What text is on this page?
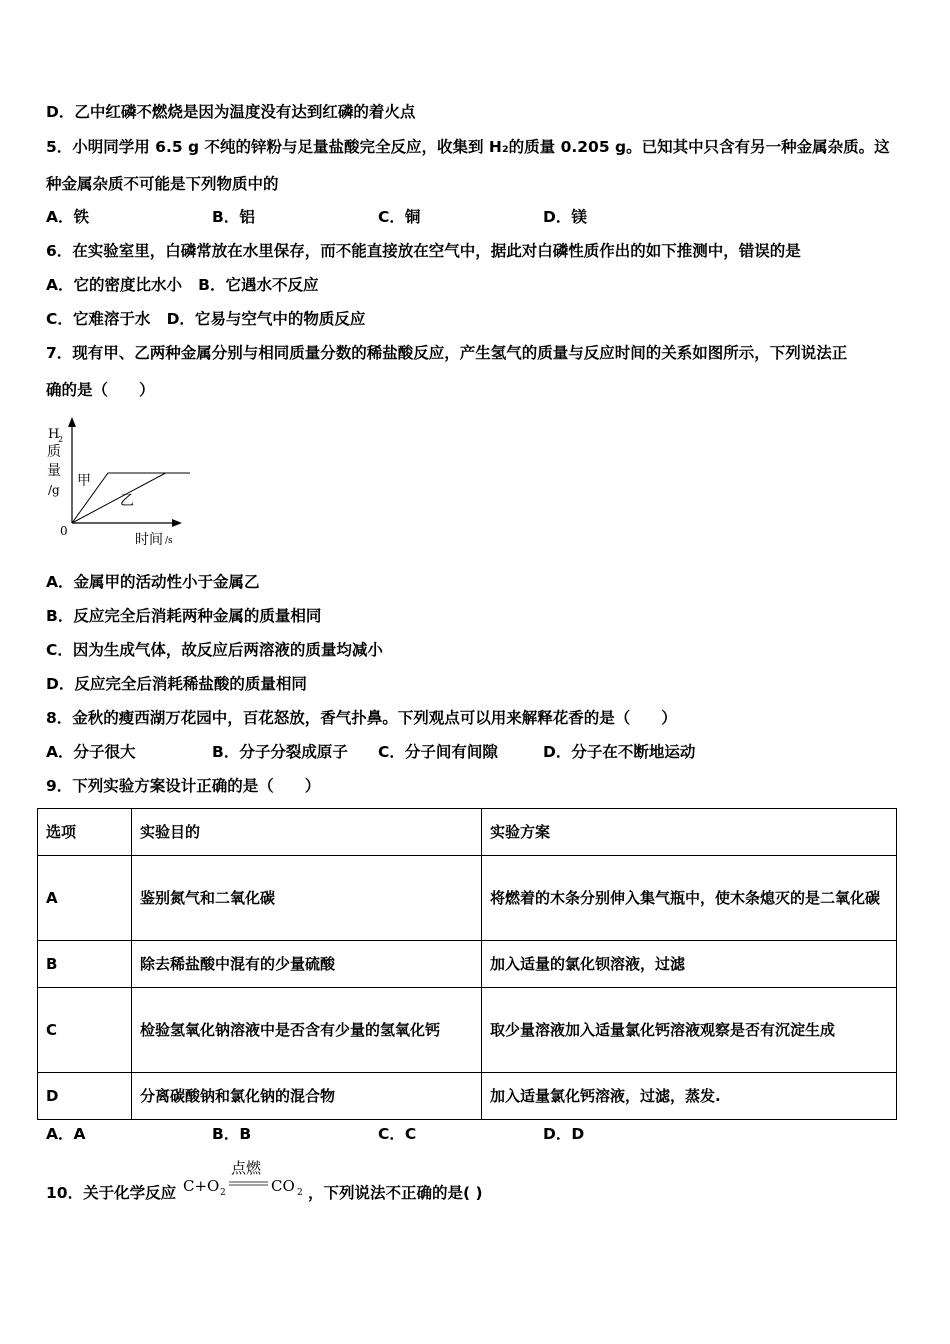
D．乙中红磷不燃烧是因为温度没有达到红磷的着火点
5．小明同学用 6.5 g 不纯的锌粉与足量盐酸完全反应，收集到 H₂的质量 0.205 g。已知其中只含有另一种金属杂质。这
种金属杂质不可能是下列物质中的
A．铁	B．铝	C．铜	D．镁
6．在实验室里，白磷常放在水里保存，而不能直接放在空气中，据此对白磷性质作出的如下推测中，错误的是
A．它的密度比水小   B．它遇水不反应
C．它难溶于水   D．它易与空气中的物质反应
7．现有甲、乙两种金属分别与相同质量分数的稀盐酸反应，产生氢气的质量与反应时间的关系如图所示，下列说法正
确的是（　　）
H
2
质
量
/g
0
时间 /s
甲
乙
A．金属甲的活动性小于金属乙
B．反应完全后消耗两种金属的质量相同
C．因为生成气体，故反应后两溶液的质量均减小
D．反应完全后消耗稀盐酸的质量相同
8．金秋的瘦西湖万花园中，百花怒放，香气扑鼻。下列观点可以用来解释花香的是（　　）
A．分子很大	B．分子分裂成原子 C．分子间有间隙	D．分子在不断地运动
9．下列实验方案设计正确的是（　　）
选项	实验目的	实验方案
A	鉴别氮气和二氧化碳	将燃着的木条分别伸入集气瓶中，使木条熄灭的是二氧化碳
B	除去稀盐酸中混有的少量硫酸	加入适量的氯化钡溶液，过滤
C	检验氢氧化钠溶液中是否含有少量的氢氧化钙	取少量溶液加入适量氯化钙溶液观察是否有沉淀生成
D	分离碳酸钠和氯化钠的混合物	加入适量氯化钙溶液，过滤，蒸发.
A．A	B．B	C．C	D．D
10．关于化学反应
点燃
C+O 2	CO 2 ，下列说法不正确的是( )
